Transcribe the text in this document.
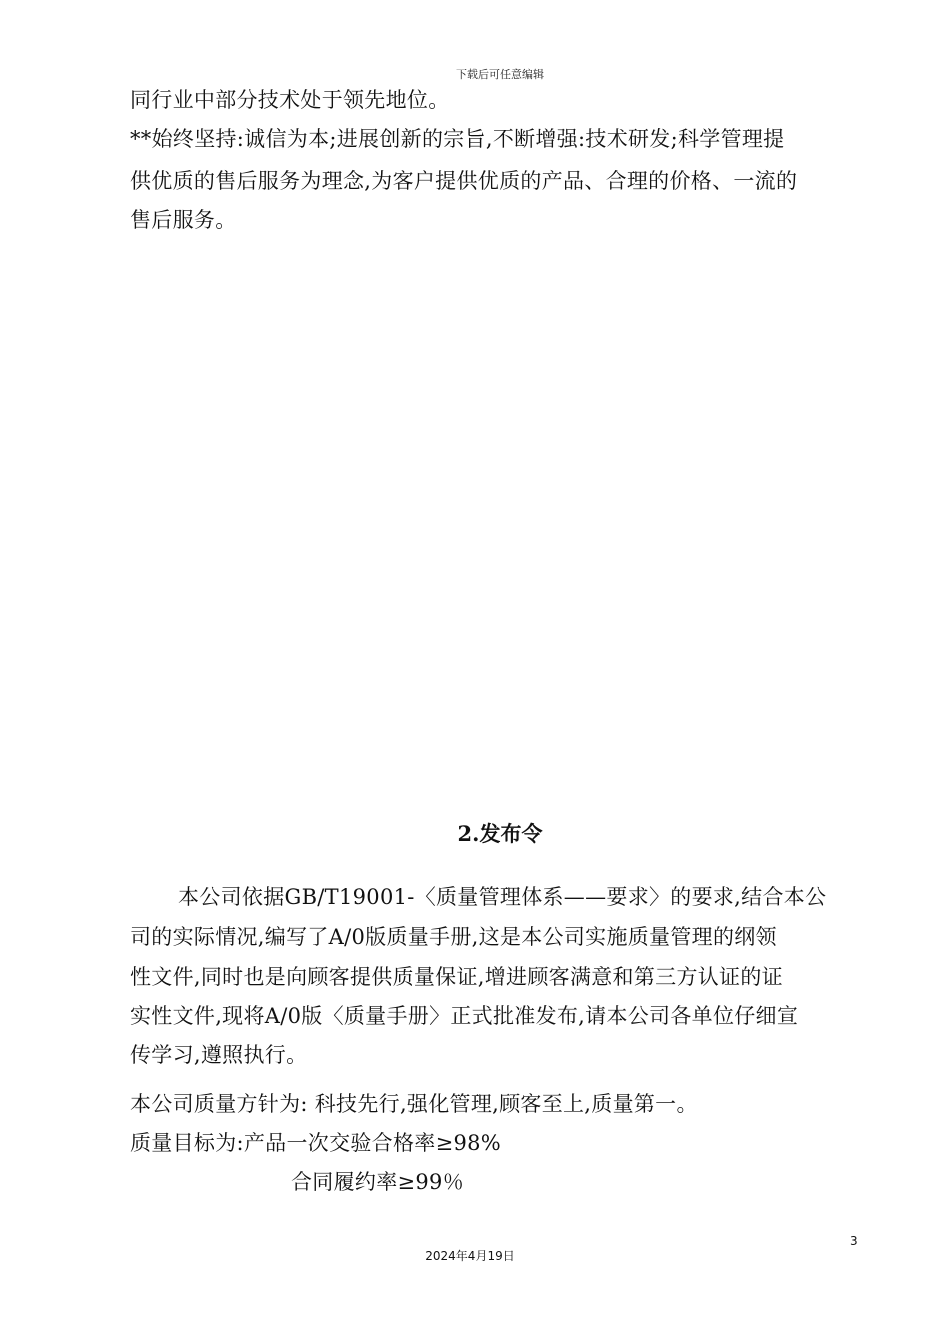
下载后可任意编辑
同行业中部分技术处于领先地位。
**始终坚持:诚信为本;进展创新的宗旨,不断增强:技术研发;科学管理提
供优质的售后服务为理念,为客户提供优质的产品、合理的价格、一流的
售后服务。
2.发布令
本公司依据GB/T19001-〈质量管理体系——要求〉的要求,结合本公
司的实际情况,编写了A/0版质量手册,这是本公司实施质量管理的纲领
性文件,同时也是向顾客提供质量保证,增进顾客满意和第三方认证的证
实性文件,现将A/0版〈质量手册〉正式批准发布,请本公司各单位仔细宣
传学习,遵照执行。
本公司质量方针为: 科技先行,强化管理,顾客至上,质量第一。
质量目标为:产品一次交验合格率≥98%
合同履约率≥99％
3
2024年4月19日
